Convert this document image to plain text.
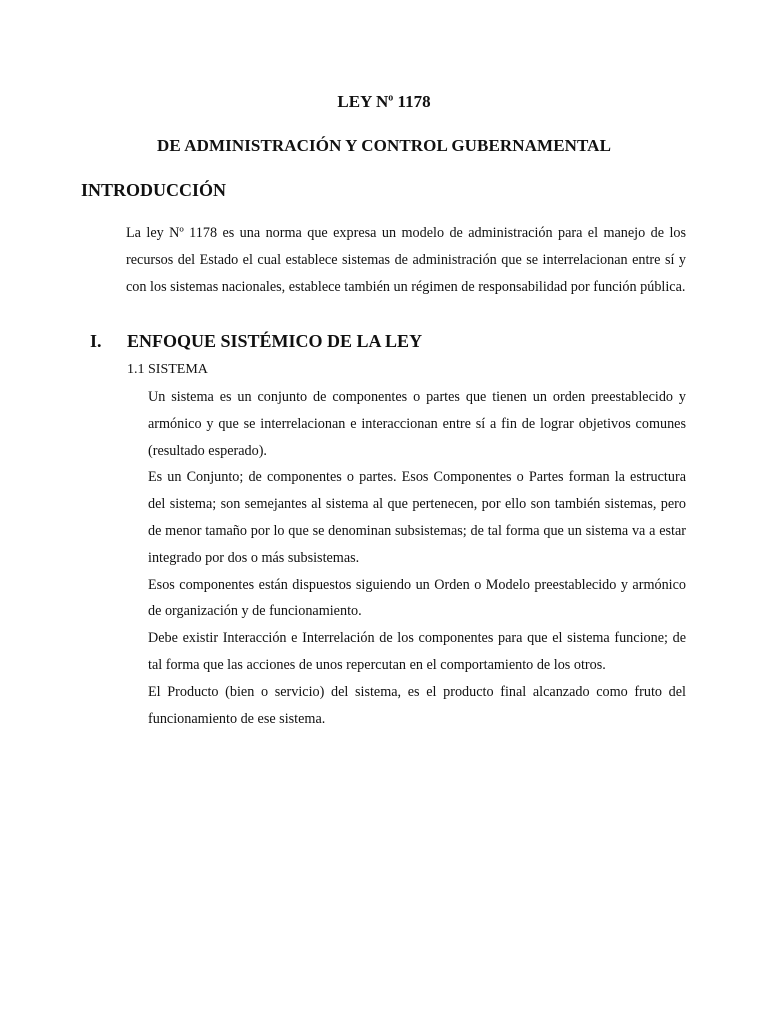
LEY $N^o$ 1178
DE ADMINISTRACIÓN Y CONTROL GUBERNAMENTAL
INTRODUCCIÓN

La ley Nº 1178 es una norma que expresa un modelo de administración para el manejo de los recursos del Estado el cual establece sistemas de administración que se interrelacionan entre sí y con los sistemas nacionales, establece también un régimen de responsabilidad por función pública.

I. ENFOQUE SISTÉMICO DE LA LEY
1.1 SISTEMA

Un sistema es un conjunto de componentes o partes que tienen un orden preestablecido y armónico y que se interrelacionan e interaccionan entre sí a fin de lograr objetivos comunes (resultado esperado).

Es un Conjunto; de componentes o partes. Esos Componentes o Partes forman la estructura del sistema; son semejantes al sistema al que pertenecen, por ello son también sistemas, pero de menor tamaño por lo que se denominan subsistemas; de tal forma que un sistema va a estar integrado por dos o más subsistemas.

Esos componentes están dispuestos siguiendo un Orden o Modelo preestablecido y armónico de organización y de funcionamiento.

Debe existir Interacción e Interrelación de los componentes para que el sistema funcione; de tal forma que las acciones de unos repercutan en el comportamiento de los otros.

El Producto (bien o servicio) del sistema, es el producto final alcanzado como fruto del funcionamiento de ese sistema.
